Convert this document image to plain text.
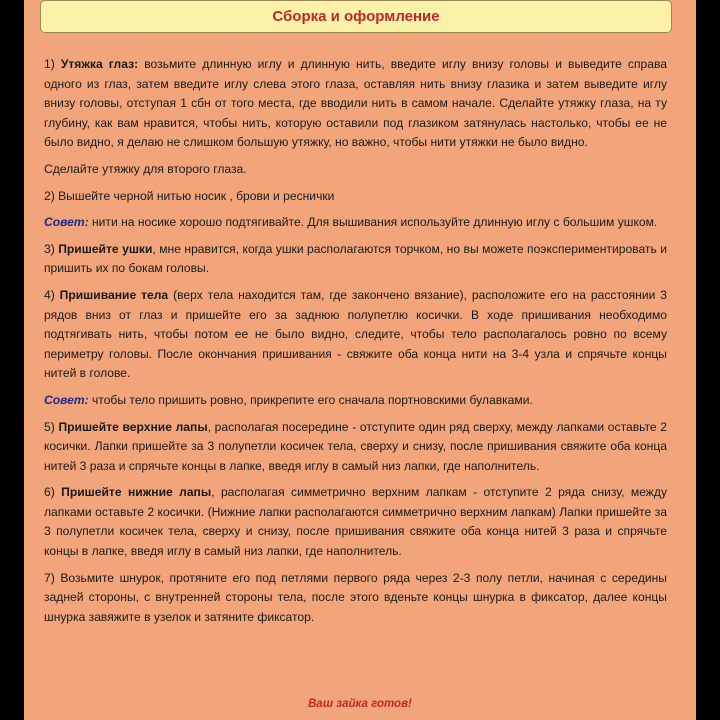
Сборка и оформление

1) Утяжка глаз: возьмите длинную иглу и длинную нить, введите иглу внизу головы и выведите справа одного из глаз, затем введите иглу слева этого глаза, оставляя нить внизу глазика и затем выведите иглу внизу головы, отступая 1 сбн от того места, где вводили нить в самом начале. Сделайте утяжку глаза, на ту глубину, как вам нравится, чтобы нить, которую оставили под глазиком затянулась настолько, чтобы ее не было видно, я делаю не слишком большую утяжку, но важно, чтобы нити утяжки не было видно.

Сделайте утяжку для второго глаза.

2) Вышейте черной нитью носик , брови и реснички

Совет: нити на носике хорошо подтягивайте. Для вышивания используйте длинную иглу с большим ушком.

3) Пришейте ушки, мне нравится, когда ушки располагаются торчком, но вы можете поэкспериментировать и пришить их по бокам головы.

4) Пришивание тела (верх тела находится там, где закончено вязание), расположите его на расстоянии 3 рядов вниз от глаз и пришейте его за заднюю полупетлю косички. В ходе пришивания необходимо подтягивать нить, чтобы потом ее не было видно, следите, чтобы тело располагалось ровно по всему периметру головы. После окончания пришивания - свяжите оба конца нити на 3-4 узла и спрячьте концы нитей в голове.

Совет: чтобы тело пришить ровно, прикрепите его сначала портновскими булавками.

5) Пришейте верхние лапы, располагая посередине - отступите один ряд сверху, между лапками оставьте 2 косички. Лапки пришейте за 3 полупетли косичек тела, сверху и снизу, после пришивания свяжите оба конца нитей 3 раза и спрячьте концы в лапке, введя иглу в самый низ лапки, где наполнитель.

6) Пришейте нижние лапы, располагая симметрично верхним лапкам - отступите 2 ряда снизу, между лапками оставьте 2 косички. (Нижние лапки располагаются симметрично верхним лапкам) Лапки пришейте за 3 полупетли косичек тела, сверху и снизу, после пришивания свяжите оба конца нитей 3 раза и спрячьте концы в лапке, введя иглу в самый низ лапки, где наполнитель.

7) Возьмите шнурок, протяните его под петлями первого ряда через 2-3 полу петли, начиная с середины задней стороны, с внутренней стороны тела, после этого вденьте концы шнурка в фиксатор, далее концы шнурка завяжите в узелок и затяните фиксатор.

Ваш зайка готов!
